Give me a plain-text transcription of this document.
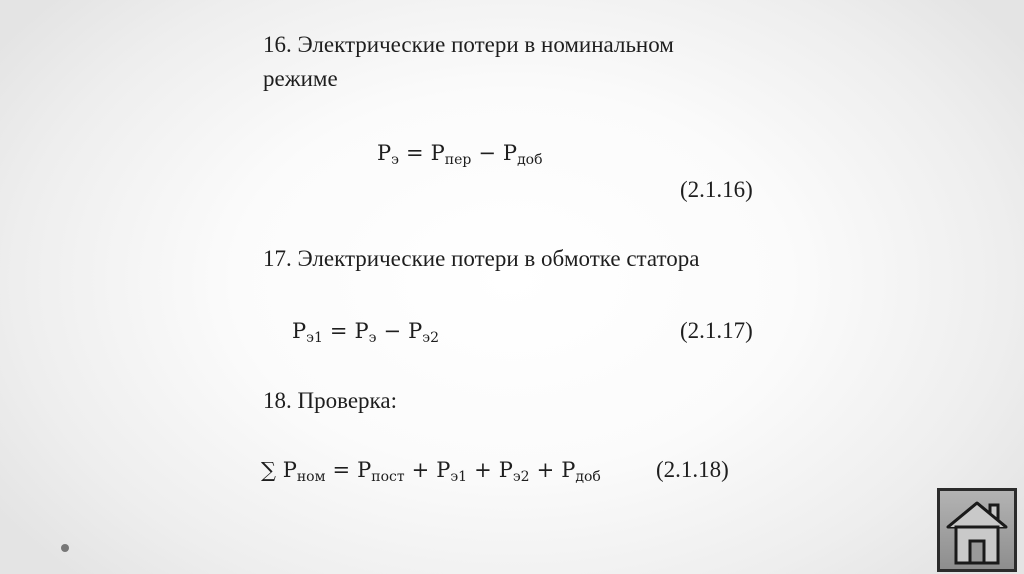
16. Электрические потери в номинальном
режиме
$P_э = P_{пер} - P_{доб}$
(2.1.16)
17. Электрические потери в обмотке статора
$P_{э1} = P_э - P_{э2}$	(2.1.17)
18. Проверка:
∑ $P_{ном} = P_{пост} + P_{э1} + P_{э2} + P_{доб}$ (2.1.18)
